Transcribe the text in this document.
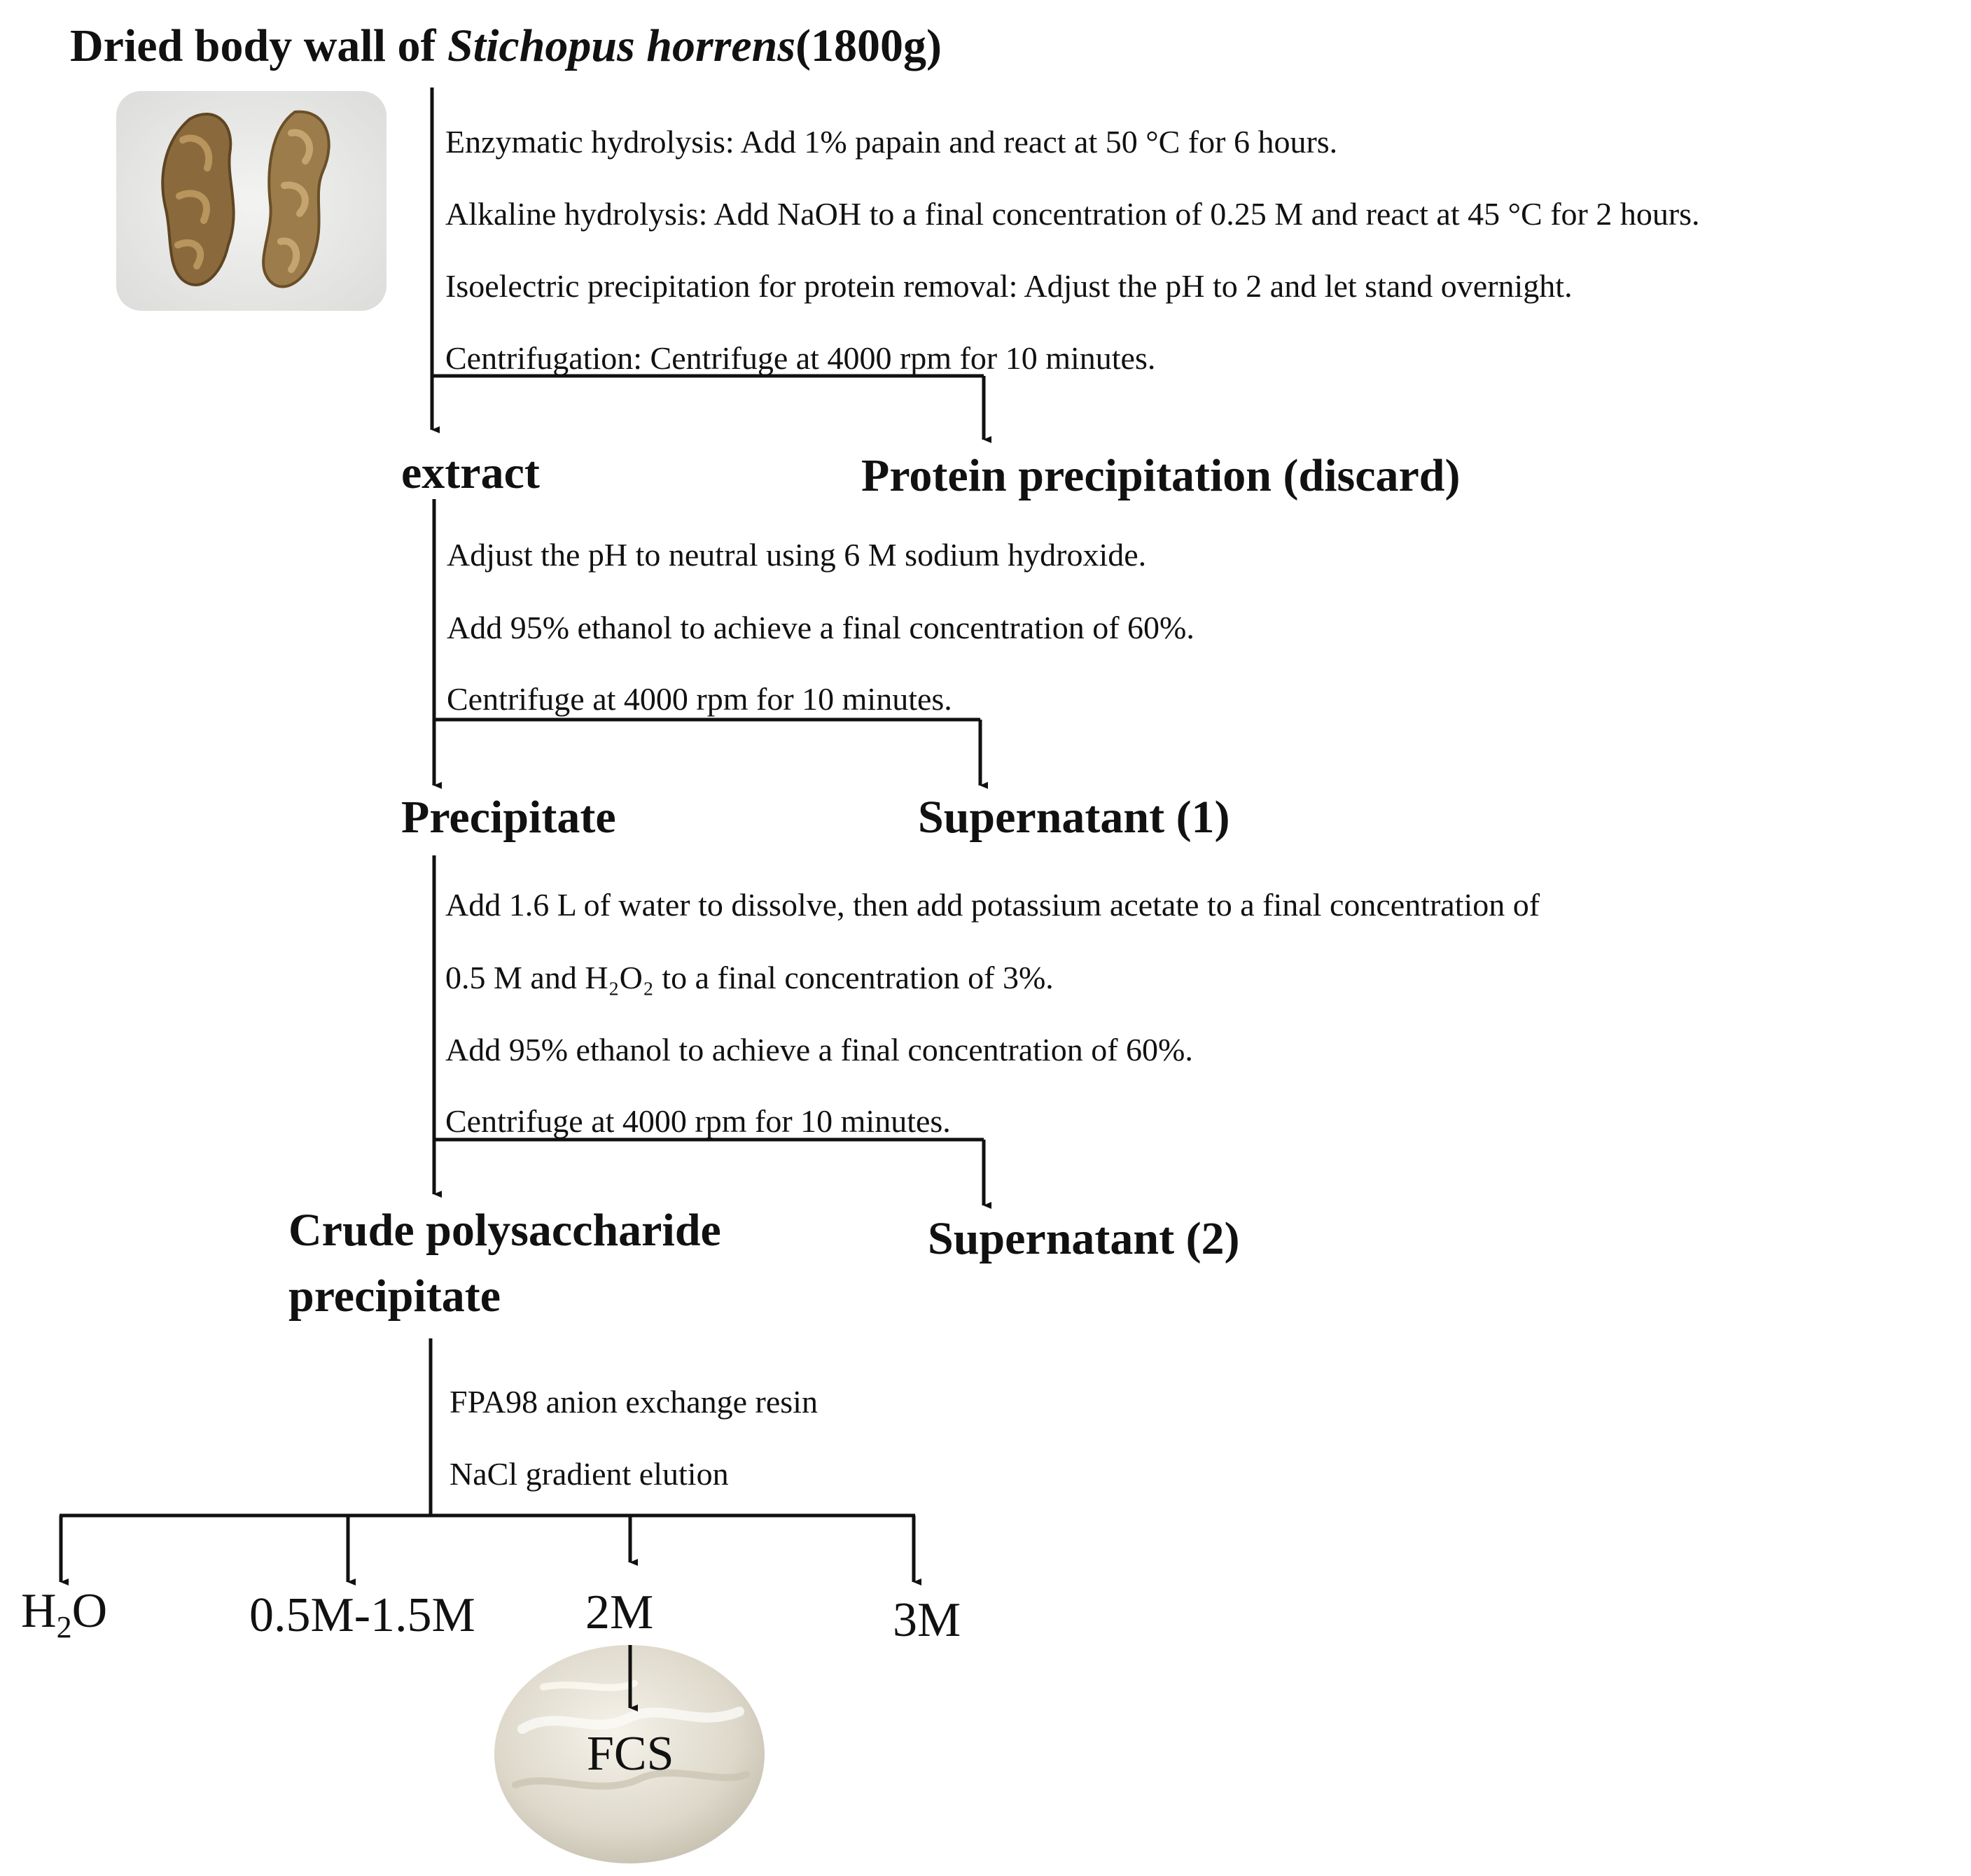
Dried body wall of Stichopus horrens(1800g)
Enzymatic hydrolysis: Add 1% papain and react at 50 °C for 6 hours.
Alkaline hydrolysis: Add NaOH to a final concentration of 0.25 M and react at 45 °C for 2 hours.
Isoelectric precipitation for protein removal: Adjust the pH to 2 and let stand overnight.
Centrifugation: Centrifuge at 4000 rpm for 10 minutes.
extract	Protein precipitation (discard)
Adjust the pH to neutral using 6 M sodium hydroxide.
Add 95% ethanol to achieve a final concentration of 60%.
Centrifuge at 4000 rpm for 10 minutes.
Precipitate	Supernatant (1)
Add 1.6 L of water to dissolve, then add potassium acetate to a final concentration of
0.5 M and H₂O₂ to a final concentration of 3%.
Add 95% ethanol to achieve a final concentration of 60%.
Centrifuge at 4000 rpm for 10 minutes.
Crude polysaccharide
precipitate
Supernatant (2)
FPA98 anion exchange resin
NaCl gradient elution
$H_2O$	0.5M-1.5M 2M	3M
FCS
